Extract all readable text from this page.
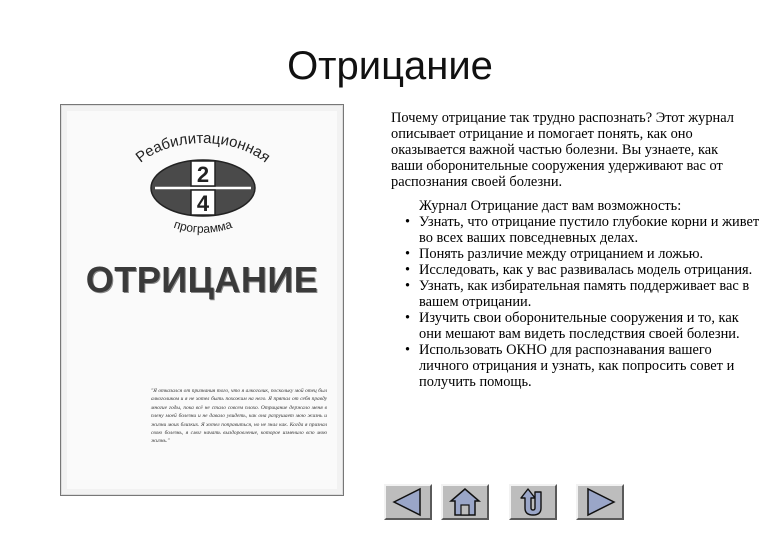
Отрицание
Реабилитационная
программа
2
4
ОТРИЦАНИЕ
"Я отказался от признания того, что я алкоголик, поскольку мой отец был алкоголиком и я не хотел быть похожим на него. Я прятал от себя правду многие годы, пока всё не стало совсем плохо. Отрицание держало меня в плену моей болезни и не давало увидеть, как она разрушает мою жизнь и жизни моих близких. Я хотел поправиться, но не знал как. Когда я признал свою болезнь, я смог начать выздоровление, которое изменило всю мою жизнь."
Почему отрицание так трудно распознать? Этот журнал описывает отрицание и помогает понять, как оно оказывается важной частью болезни. Вы узнаете, как ваши оборонительные сооружения удерживают вас от распознания своей болезни.
Журнал Отрицание даст вам возможность:
• Узнать, что отрицание пустило глубокие корни и живет во всех ваших повседневных делах.
• Понять различие между отрицанием и ложью.
• Исследовать, как у вас развивалась модель отрицания.
• Узнать, как избирательная память поддерживает вас в вашем отрицании.
• Изучить свои оборонительные сооружения и то, как они мешают вам видеть последствия своей болезни.
• Использовать ОКНО для распознавания вашего личного отрицания и узнать, как попросить совет и получить помощь.
